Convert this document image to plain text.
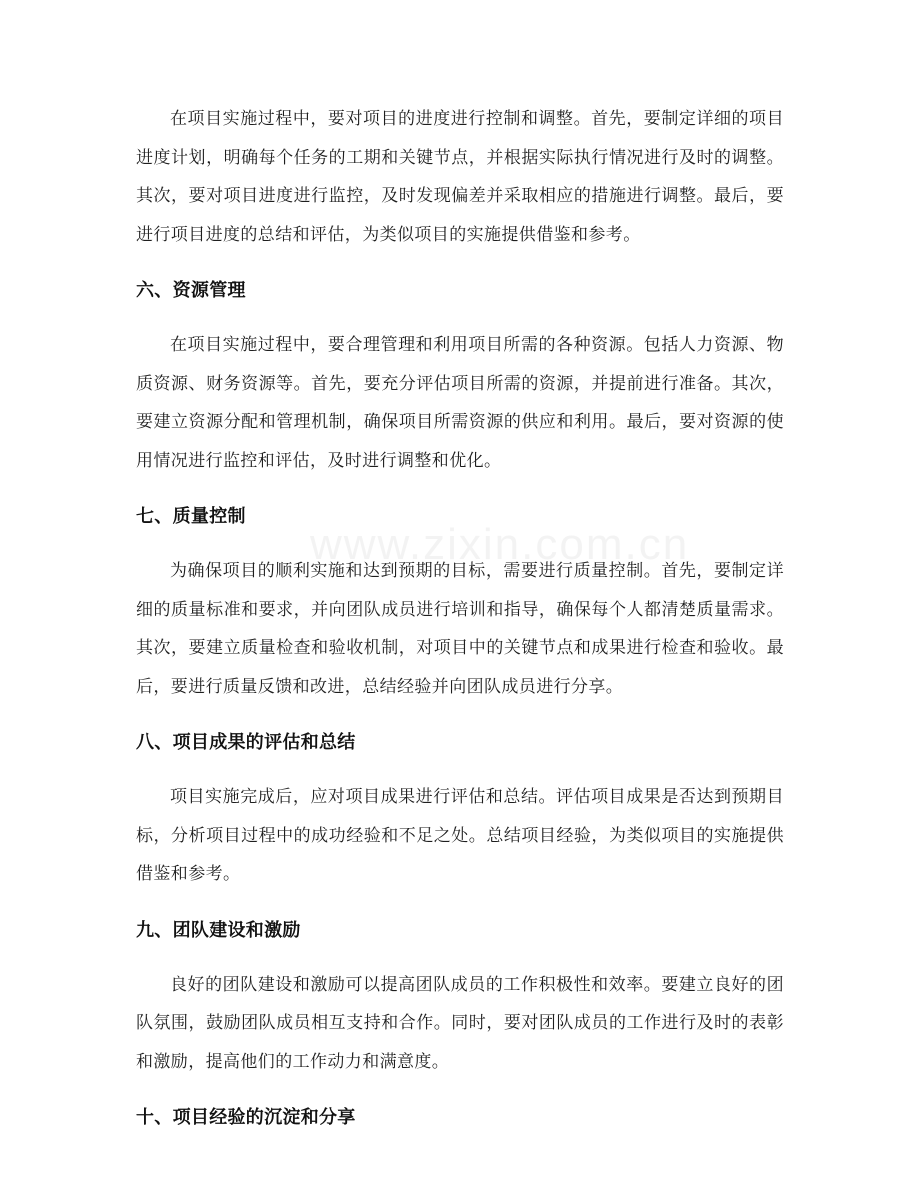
www.zixin.com.cn

在项目实施过程中，要对项目的进度进行控制和调整。首先，要制定详细的项目进度计划，明确每个任务的工期和关键节点，并根据实际执行情况进行及时的调整。其次，要对项目进度进行监控，及时发现偏差并采取相应的措施进行调整。最后，要进行项目进度的总结和评估，为类似项目的实施提供借鉴和参考。

六、资源管理

在项目实施过程中，要合理管理和利用项目所需的各种资源。包括人力资源、物质资源、财务资源等。首先，要充分评估项目所需的资源，并提前进行准备。其次，要建立资源分配和管理机制，确保项目所需资源的供应和利用。最后，要对资源的使用情况进行监控和评估，及时进行调整和优化。

七、质量控制

为确保项目的顺利实施和达到预期的目标，需要进行质量控制。首先，要制定详细的质量标准和要求，并向团队成员进行培训和指导，确保每个人都清楚质量需求。其次，要建立质量检查和验收机制，对项目中的关键节点和成果进行检查和验收。最后，要进行质量反馈和改进，总结经验并向团队成员进行分享。

八、项目成果的评估和总结

项目实施完成后，应对项目成果进行评估和总结。评估项目成果是否达到预期目标，分析项目过程中的成功经验和不足之处。总结项目经验，为类似项目的实施提供借鉴和参考。

九、团队建设和激励

良好的团队建设和激励可以提高团队成员的工作积极性和效率。要建立良好的团队氛围，鼓励团队成员相互支持和合作。同时，要对团队成员的工作进行及时的表彰和激励，提高他们的工作动力和满意度。

十、项目经验的沉淀和分享
